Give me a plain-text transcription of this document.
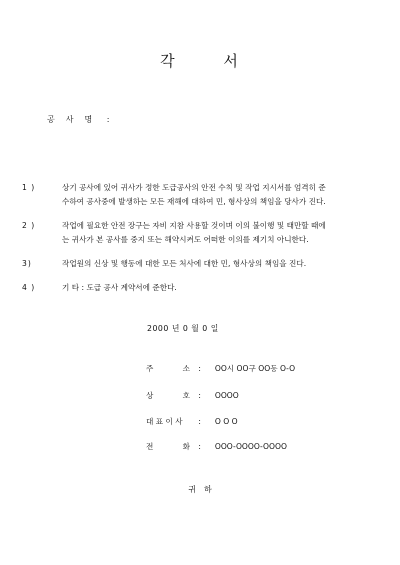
각	서
공 사 명 :
1 )	상기 공사에 있어 귀사가 정한 도급공사의 안전 수칙 및 작업 지시서를 엄격히 준
수하여 공사중에 발생하는 모든 재해에 대하여 민, 형사상의 책임을 당사가 진다.
2 )	작업에 필요한 안전 장구는 자비 지참 사용할 것이며 이의 불이행 및 태만할 때에
는 귀사가 본 공사를 중지 또는 해약시켜도 어떠한 이의를 제기치 아니한다.
3)	작업원의 신상 및 행동에 대한 모든 처사에 대한 민, 형사상의 책임을 진다.
4 )	기 타 : 도급 공사 계약서에 준한다.
2000 년 0 월 0 일
주	소 : OO시 OO구 OO동 O-O
상	호 : OOOO
대 표 이 사 : O O O
전	화 : OOO-OOOO-OOOO
귀 하
